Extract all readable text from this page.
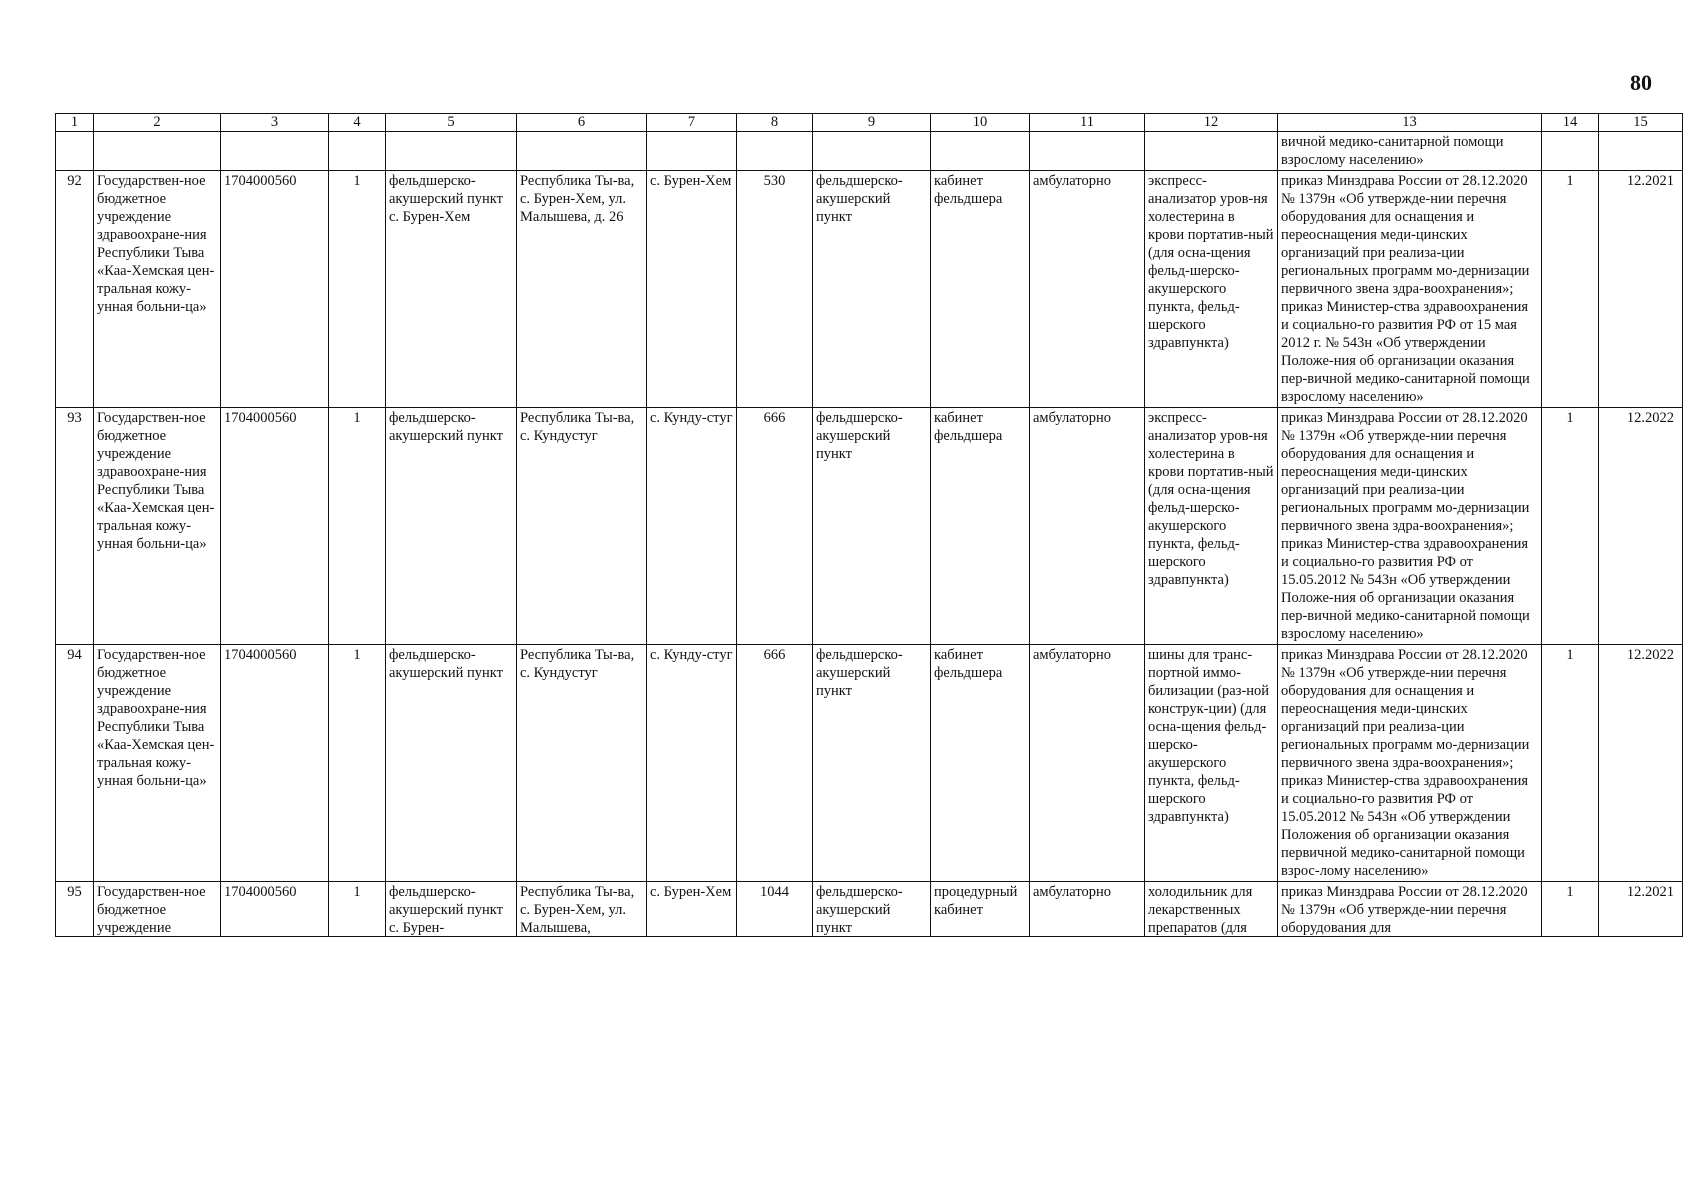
80
1	2	3	4	5	6	7	8	9	10	11	12	13	14	15
												вичной медико-санитарной помощи взрослому населению»		
92	Государствен-ное бюджетное учреждение здравоохране-ния Республики Тыва «Каа-Хемская цен-тральная кожу-унная больни-ца»	1704000560	1	фельдшерско-акушерский пункт с. Бурен-Хем	Республика Ты-ва, с. Бурен-Хем, ул. Малышева, д. 26	с. Бурен-Хем	530	фельдшерско-акушерский пункт	кабинет фельдшера	амбулаторно	экспресс-анализатор уров-ня холестерина в крови портатив-ный (для осна-щения фельд-шерско-акушерского пункта, фельд-шерского здравпункта)	приказ Минздрава России от 28.12.2020 № 1379н «Об утвержде-нии перечня оборудования для оснащения и переоснащения меди-цинских организаций при реализа-ции региональных программ мо-дернизации первичного звена здра-воохранения»; приказ Министер-ства здравоохранения и социально-го развития РФ от 15 мая 2012 г. № 543н «Об утверждении Положе-ния об организации оказания пер-вичной медико-санитарной помощи взрослому населению»	1	12.2021
93	Государствен-ное бюджетное учреждение здравоохране-ния Республики Тыва «Каа-Хемская цен-тральная кожу-унная больни-ца»	1704000560	1	фельдшерско-акушерский пункт	Республика Ты-ва, с. Кундустуг	с. Кунду-стуг	666	фельдшерско-акушерский пункт	кабинет фельдшера	амбулаторно	экспресс-анализатор уров-ня холестерина в крови портатив-ный (для осна-щения фельд-шерско-акушерского пункта, фельд-шерского здравпункта)	приказ Минздрава России от 28.12.2020 № 1379н «Об утвержде-нии перечня оборудования для оснащения и переоснащения меди-цинских организаций при реализа-ции региональных программ мо-дернизации первичного звена здра-воохранения»; приказ Министер-ства здравоохранения и социально-го развития РФ от 15.05.2012 № 543н «Об утверждении Положе-ния об организации оказания пер-вичной медико-санитарной помощи взрослому населению»	1	12.2022
94	Государствен-ное бюджетное учреждение здравоохране-ния Республики Тыва «Каа-Хемская цен-тральная кожу-унная больни-ца»	1704000560	1	фельдшерско-акушерский пункт	Республика Ты-ва, с. Кундустуг	с. Кунду-стуг	666	фельдшерско-акушерский пункт	кабинет фельдшера	амбулаторно	шины для транс-портной иммо-билизации (раз-ной конструк-ции) (для осна-щения фельд-шерско-акушерского пункта, фельд-шерского здравпункта)	приказ Минздрава России от 28.12.2020 № 1379н «Об утвержде-нии перечня оборудования для оснащения и переоснащения меди-цинских организаций при реализа-ции региональных программ мо-дернизации первичного звена здра-воохранения»; приказ Министер-ства здравоохранения и социально-го развития РФ от 15.05.2012 № 543н «Об утверждении Положения об организации оказания первичной медико-санитарной помощи взрос-лому населению»	1	12.2022

95	Государствен-ное бюджетное учреждение	1704000560	1	фельдшерско-акушерский пункт с. Бурен-	Республика Ты-ва, с. Бурен-Хем, ул. Малышева,	с. Бурен-Хем	1044	фельдшерско-акушерский пункт	процедурный кабинет	амбулаторно	холодильник для лекарственных препаратов (для	приказ Минздрава России от 28.12.2020 № 1379н «Об утвержде-нии перечня оборудования для	1	12.2021
